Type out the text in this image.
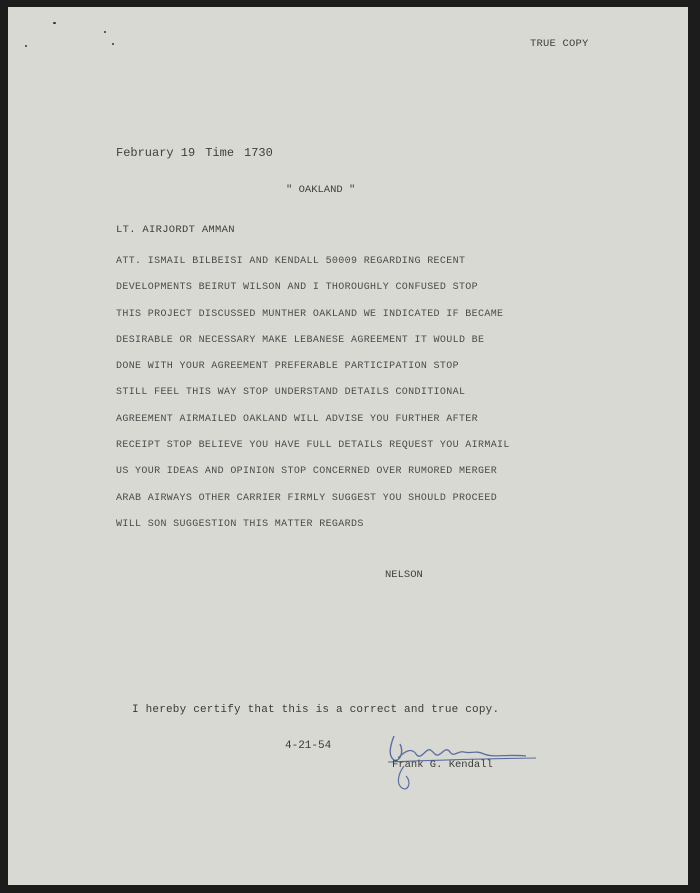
TRUE COPY
February 19 Time 1730
" OAKLAND "
LT. AIRJORDT AMMAN
ATT. ISMAIL BILBEISI AND KENDALL 50009 REGARDING RECENT
DEVELOPMENTS BEIRUT WILSON AND I THOROUGHLY CONFUSED STOP
THIS PROJECT DISCUSSED MUNTHER OAKLAND WE INDICATED IF BECAME
DESIRABLE OR NECESSARY MAKE LEBANESE AGREEMENT IT WOULD BE
DONE WITH YOUR AGREEMENT PREFERABLE PARTICIPATION STOP
STILL FEEL THIS WAY STOP UNDERSTAND DETAILS CONDITIONAL
AGREEMENT AIRMAILED OAKLAND WILL ADVISE YOU FURTHER AFTER
RECEIPT STOP BELIEVE YOU HAVE FULL DETAILS REQUEST YOU AIRMAIL
US YOUR IDEAS AND OPINION STOP CONCERNED OVER RUMORED MERGER
ARAB AIRWAYS OTHER CARRIER FIRMLY SUGGEST YOU SHOULD PROCEED
WILL SON SUGGESTION THIS MATTER REGARDS
NELSON
I hereby certify that this is a correct and true copy.
4-21-54
Frank G. Kendall
